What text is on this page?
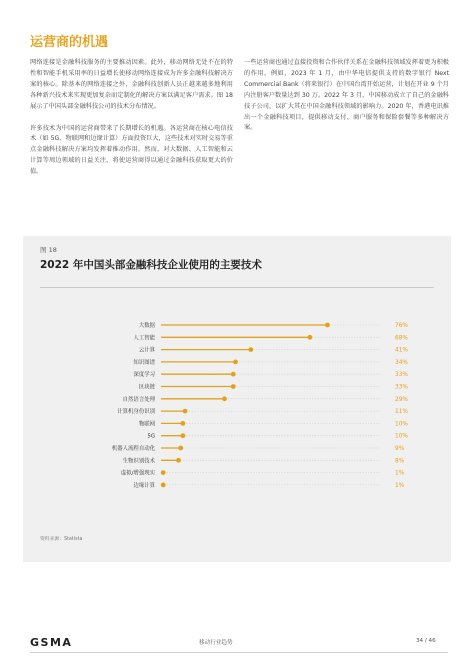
运营商的机遇

网络连接是金融科技服务的主要推动因素。此外，移动网络无处不在的特性和智能手机采用率的日益增长使移动网络连接成为许多金融科技解决方案的核心。除基本的网络连接之外，金融科技创新人员正越来越多地利用各种新兴技术来实现更加复杂而定制化的解决方案以满足客户需求。图 18 展示了中国头部金融科技公司的技术分布情况。

许多技术为中国的运营商带来了长期增长的机遇。各运营商在核心电信技术（如 5G、物联网和边缘计算）方面投资巨大，这些技术对实时交易等重点金融科技解决方案均发挥着推动作用。然而，对大数据、人工智能和云计算等周边领域的日益关注，将使运营商得以通过金融科技获取更大的价值。

一些运营商也通过直接投资和合作伙伴关系在金融科技领域发挥着更为积极的作用。例如，2023 年 1 月，由中华电信提供支持的数字银行 Next Commercial Bank（将来银行）在中国台湾开始运营，计划在开业 9 个月内注册客户数量达到 30 万。2022 年 3 月，中国移动成立了自己的金融科技子公司，以扩大其在中国金融科技领域的影响力。2020 年，香港电讯推出一个金融科技项目，提供移动支付、商户服务和保险套餐等多种解决方案。

图 18
2022 年中国头部金融科技企业使用的主要技术
大数据	76%
人工智能	68%
云计算	41%
知识图谱	34%
深度学习	33%
区块链	33%
自然语言处理	29%
计算机身份识别	11%
物联网	10%
5G	10%
机器人流程自动化	9%
生物识别技术	8%
虚拟/增强现实	1%
边缘计算	1%
资料来源：Statista
GSMA	移动行业趋势	34 / 46
